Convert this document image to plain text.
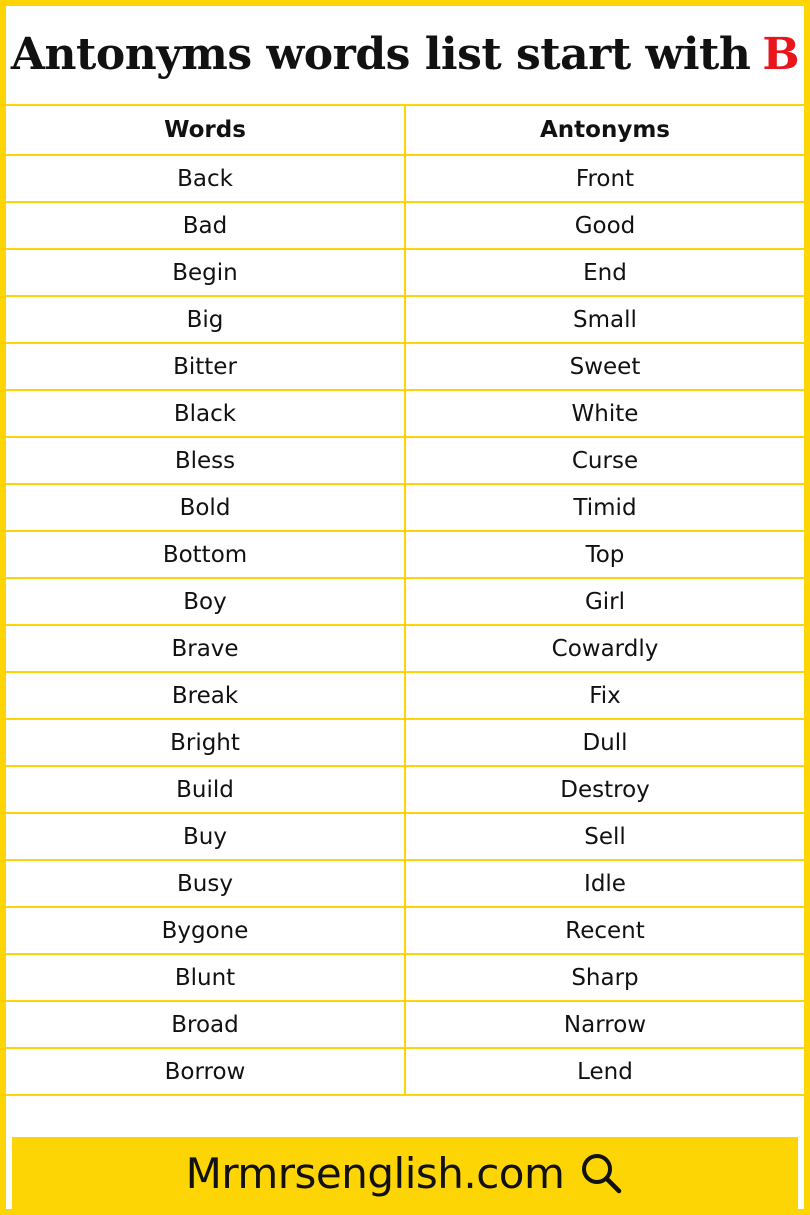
Antonyms words list start with B
Words	Antonyms
Back	Front
Bad	Good
Begin	End
Big	Small
Bitter	Sweet
Black	White
Bless	Curse
Bold	Timid
Bottom	Top
Boy	Girl
Brave	Cowardly
Break	Fix
Bright	Dull
Build	Destroy
Buy	Sell
Busy	Idle
Bygone	Recent
Blunt	Sharp
Broad	Narrow
Borrow	Lend
Mrmrsenglish.com
